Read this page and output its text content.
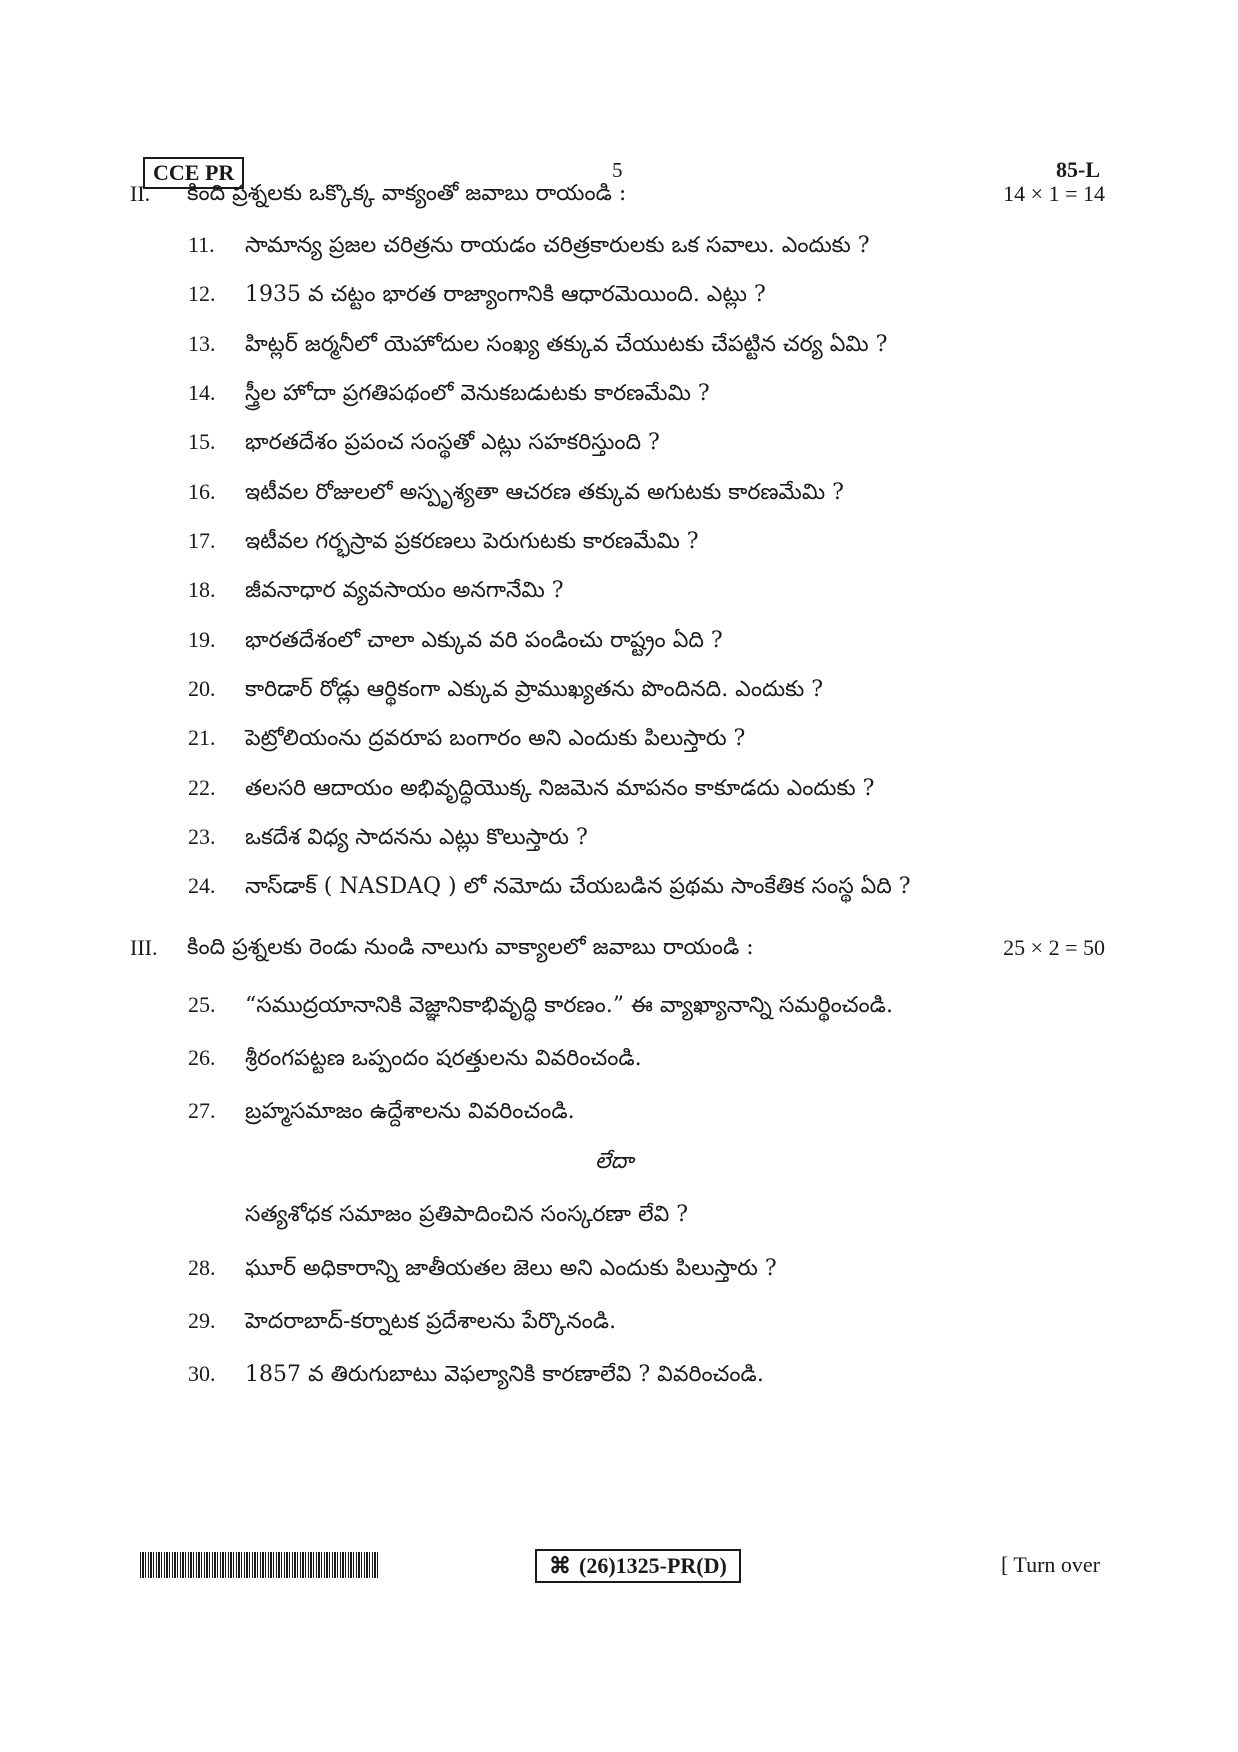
CCE PR	5	85-L
II. కింది ప్రశ్నలకు ఒక్కొక్క వాక్యంతో జవాబు రాయండి :	14 × 1 = 14
11. సామాన్య ప్రజల చరిత్రను రాయడం చరిత్రకారులకు ఒక సవాలు. ఎందుకు ?
12. 1935 వ చట్టం భారత రాజ్యాంగానికి ఆధారమెయింది. ఎట్లు ?
13. హిట్లర్ జర్మనీలో యెహోదుల సంఖ్య తక్కువ చేయుటకు చేపట్టిన చర్య ఏమి ?
14. స్త్రీల హోదా ప్రగతిపథంలో వెనుకబడుటకు కారణమేమి ?
15. భారతదేశం ప్రపంచ సంస్థతో ఎట్లు సహకరిస్తుంది ?
16. ఇటీవల రోజులలో అస్పృశ్యతా ఆచరణ తక్కువ అగుటకు కారణమేమి ?
17. ఇటీవల గర్భస్రావ ప్రకరణలు పెరుగుటకు కారణమేమి ?
18. జీవనాధార వ్యవసాయం అనగానేమి ?
19. భారతదేశంలో చాలా ఎక్కువ వరి పండించు రాష్ట్రం ఏది ?
20. కారిడార్ రోడ్లు ఆర్థికంగా ఎక్కువ ప్రాముఖ్యతను పొందినది. ఎందుకు ?
21. పెట్రోలియంను ద్రవరూప బంగారం అని ఎందుకు పిలుస్తారు ?
22. తలసరి ఆదాయం అభివృద్ధియొక్క నిజమెన మాపనం కాకూడదు ఎందుకు ?
23. ఒకదేశ విధ్య సాదనను ఎట్లు కొలుస్తారు ?
24. నాస్‌డాక్ ( NASDAQ ) లో నమోదు చేయబడిన ప్రథమ సాంకేతిక సంస్థ ఏది ?
III. కింది ప్రశ్నలకు రెండు నుండి నాలుగు వాక్యాలలో జవాబు రాయండి :	25 × 2 = 50
25. “సముద్రయానానికి వెజ్ఞానికాభివృద్ధి కారణం.” ఈ వ్యాఖ్యానాన్ని సమర్థించండి.
26. శ్రీరంగపట్టణ ఒప్పందం షరత్తులను వివరించండి.
27. బ్రహ్మసమాజం ఉద్దేశాలను వివరించండి.
లేదా
సత్యశోధక సమాజం ప్రతిపాదించిన సంస్కరణా లేవి ?
28. ఘూర్ అధికారాన్ని జాతీయతల జెలు అని ఎందుకు పిలుస్తారు ?
29. హెదరాబాద్-కర్నాటక ప్రదేశాలను పేర్కొనండి.
30. 1857 వ తిరుగుబాటు వెఫల్యానికి కారణాలేవి ? వివరించండి.
⌘ (26)1325-PR(D)	[ Turn over
